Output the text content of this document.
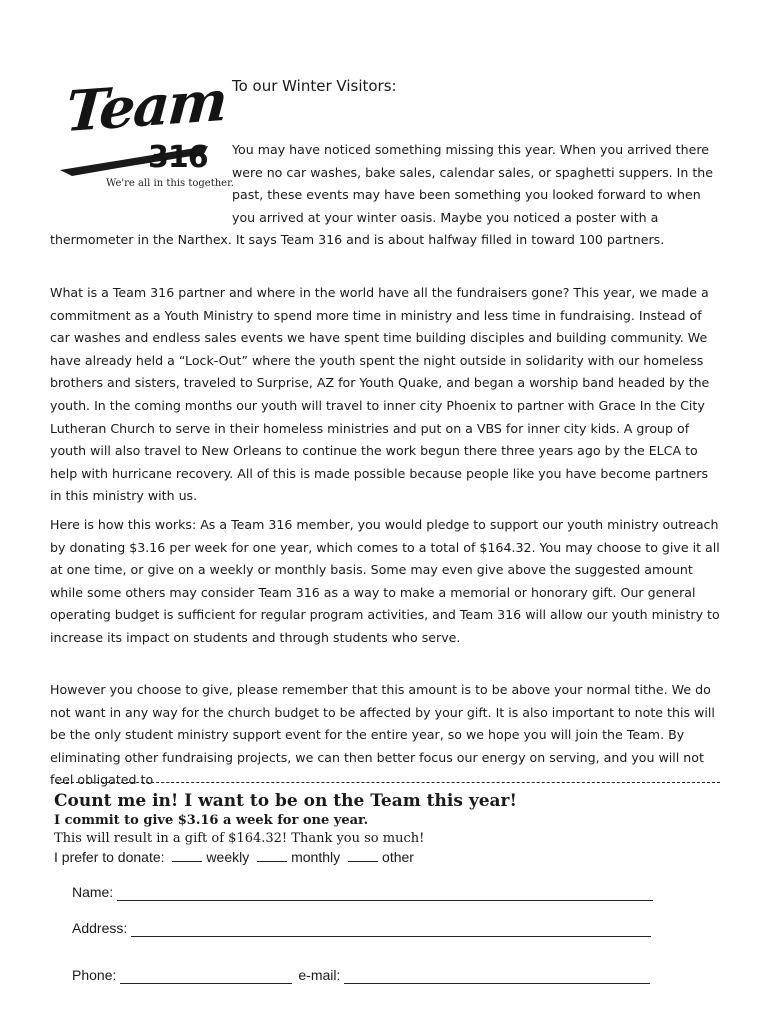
Team
316
We're all in this together.
To our Winter Visitors:
You may have noticed something missing this year. When you arrived there were no car washes, bake sales, calendar sales, or spaghetti suppers. In the past, these events may have been something you looked forward to when you arrived at your winter oasis. Maybe you noticed a poster with a thermometer in the Narthex. It says Team 316 and is about halfway filled in toward 100 partners.
What is a Team 316 partner and where in the world have all the fundraisers gone? This year, we made a commitment as a Youth Ministry to spend more time in ministry and less time in fundraising. Instead of car washes and endless sales events we have spent time building disciples and building community. We have already held a “Lock-Out” where the youth spent the night outside in solidarity with our homeless brothers and sisters, traveled to Surprise, AZ for Youth Quake, and began a worship band headed by the youth. In the coming months our youth will travel to inner city Phoenix to partner with Grace In the City Lutheran Church to serve in their homeless ministries and put on a VBS for inner city kids. A group of youth will also travel to New Orleans to continue the work begun there three years ago by the ELCA to help with hurricane recovery. All of this is made possible because people like you have become partners in this ministry with us.
Here is how this works: As a Team 316 member, you would pledge to support our youth ministry outreach by donating $3.16 per week for one year, which comes to a total of $164.32. You may choose to give it all at one time, or give on a weekly or monthly basis. Some may even give above the suggested amount while some others may consider Team 316 as a way to make a memorial or honorary gift. Our general operating budget is sufficient for regular program activities, and Team 316 will allow our youth ministry to increase its impact on students and through students who serve.
However you choose to give, please remember that this amount is to be above your normal tithe. We do not want in any way for the church budget to be affected by your gift. It is also important to note this will be the only student ministry support event for the entire year, so we hope you will join the Team. By eliminating other fundraising projects, we can then better focus our energy on serving, and you will not feel obligated to
Count me in! I want to be on the Team this year!
I commit to give $3.16 a week for one year.
This will result in a gift of $164.32! Thank you so much!
I prefer to donate:	weekly	monthly	other
Name:
Address:
Phone:	e-mail:
